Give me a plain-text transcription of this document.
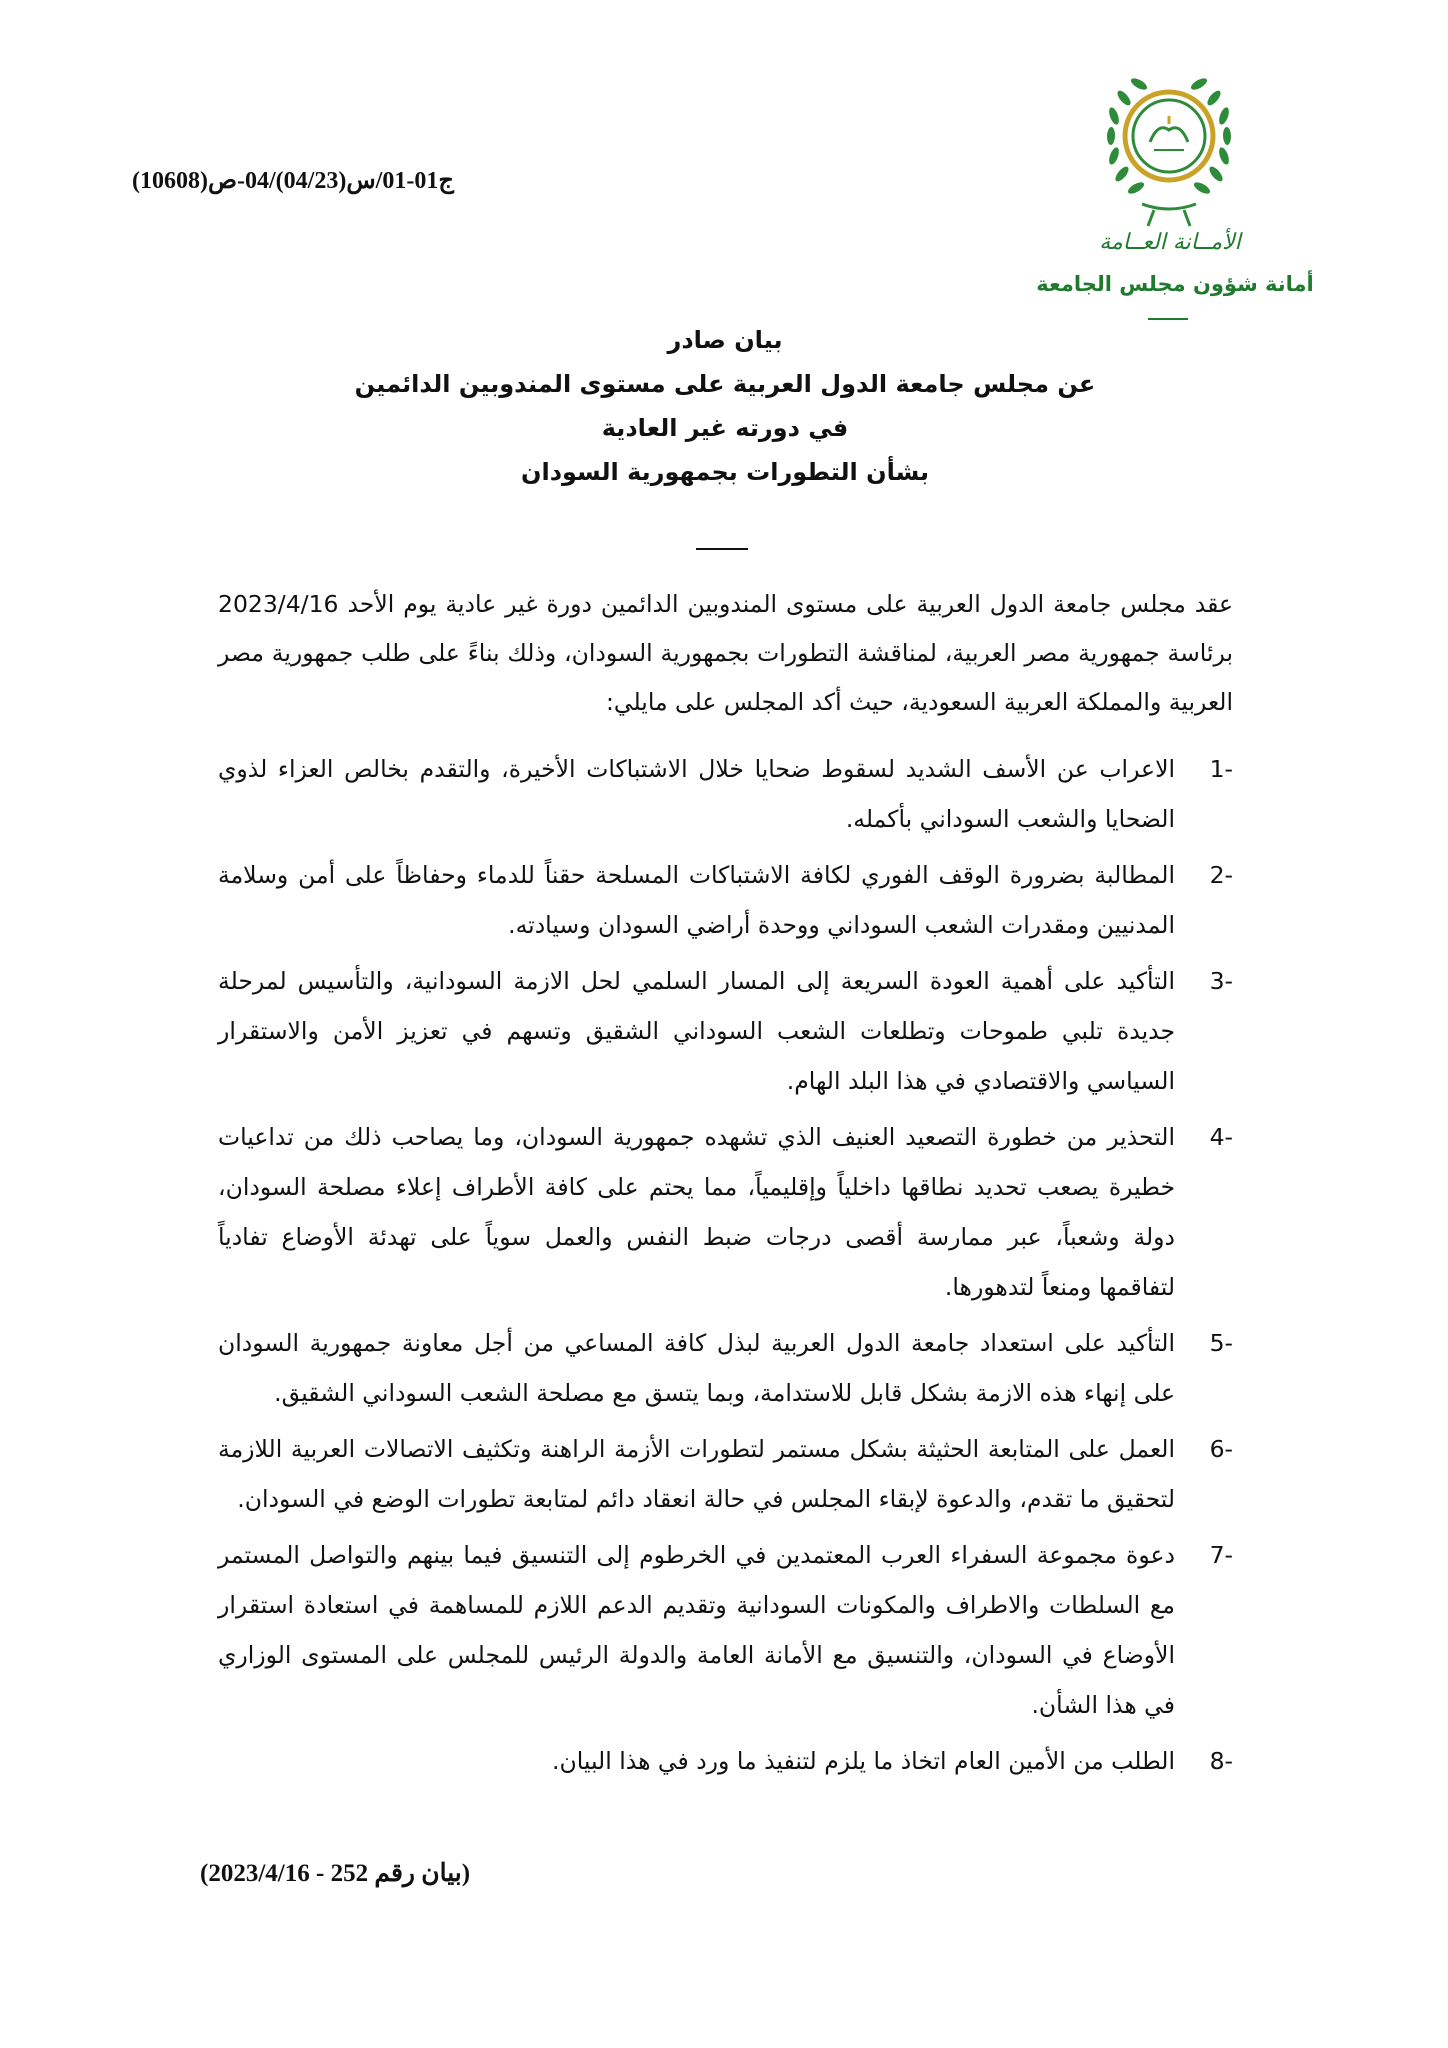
ج01-01/س(04/23)/04-ص(10608)
الأمــانة العــامة
أمانة شؤون مجلس الجامعة
بيان صادر
عن مجلس جامعة الدول العربية على مستوى المندوبين الدائمين
في دورته غير العادية
بشأن التطورات بجمهورية السودان
عقد مجلس جامعة الدول العربية على مستوى المندوبين الدائمين دورة غير عادية يوم الأحد 2023/4/16 برئاسة جمهورية مصر العربية، لمناقشة التطورات بجمهورية السودان، وذلك بناءً على طلب جمهورية مصر العربية والمملكة العربية السعودية، حيث أكد المجلس على مايلي:
-1
الاعراب عن الأسف الشديد لسقوط ضحايا خلال الاشتباكات الأخيرة، والتقدم بخالص العزاء لذوي الضحايا والشعب السوداني بأكمله.
-2
المطالبة بضرورة الوقف الفوري لكافة الاشتباكات المسلحة حقناً للدماء وحفاظاً على أمن وسلامة المدنيين ومقدرات الشعب السوداني ووحدة أراضي السودان وسيادته.
-3
التأكيد على أهمية العودة السريعة إلى المسار السلمي لحل الازمة السودانية، والتأسيس لمرحلة جديدة تلبي طموحات وتطلعات الشعب السوداني الشقيق وتسهم في تعزيز الأمن والاستقرار السياسي والاقتصادي في هذا البلد الهام.
-4
التحذير من خطورة التصعيد العنيف الذي تشهده جمهورية السودان، وما يصاحب ذلك من تداعيات خطيرة يصعب تحديد نطاقها داخلياً وإقليمياً، مما يحتم على كافة الأطراف إعلاء مصلحة السودان، دولة وشعباً، عبر ممارسة أقصى درجات ضبط النفس والعمل سوياً على تهدئة الأوضاع تفادياً لتفاقمها ومنعاً لتدهورها.
-5
التأكيد على استعداد جامعة الدول العربية لبذل كافة المساعي من أجل معاونة جمهورية السودان على إنهاء هذه الازمة بشكل قابل للاستدامة، وبما يتسق مع مصلحة الشعب السوداني الشقيق.
-6
العمل على المتابعة الحثيثة بشكل مستمر لتطورات الأزمة الراهنة وتكثيف الاتصالات العربية اللازمة لتحقيق ما تقدم، والدعوة لإبقاء المجلس في حالة انعقاد دائم لمتابعة تطورات الوضع في السودان.
-7
دعوة مجموعة السفراء العرب المعتمدين في الخرطوم إلى التنسيق فيما بينهم والتواصل المستمر مع السلطات والاطراف والمكونات السودانية وتقديم الدعم اللازم للمساهمة في استعادة استقرار الأوضاع في السودان، والتنسيق مع الأمانة العامة والدولة الرئيس للمجلس على المستوى الوزاري في هذا الشأن.
-8
الطلب من الأمين العام اتخاذ ما يلزم لتنفيذ ما ورد في هذا البيان.
(بيان رقم 252 - 2023/4/16)
